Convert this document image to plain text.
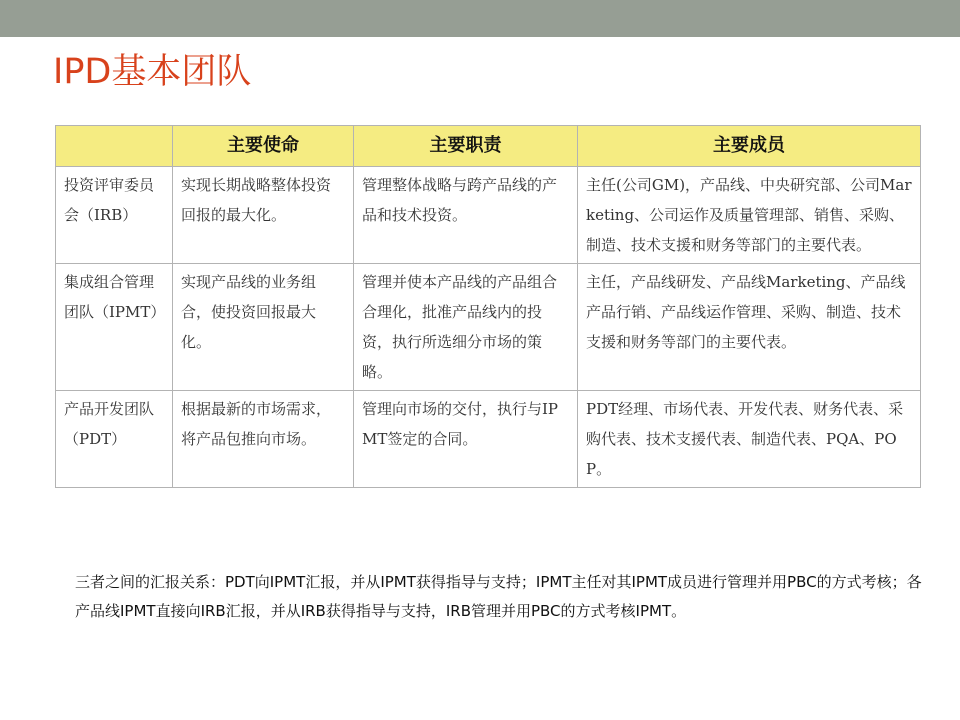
IPD基本团队
	主要使命	主要职责	主要成员
投资评审委员会（IRB）	实现长期战略整体投资回报的最大化。	管理整体战略与跨产品线的产品和技术投资。	主任(公司GM)，产品线、中央研究部、公司Marketing、公司运作及质量管理部、销售、采购、制造、技术支援和财务等部门的主要代表。
集成组合管理团队（IPMT）	实现产品线的业务组合，使投资回报最大化。	管理并使本产品线的产品组合合理化，批准产品线内的投资，执行所选细分市场的策略。	主任，产品线研发、产品线Marketing、产品线产品行销、产品线运作管理、采购、制造、技术支援和财务等部门的主要代表。
产品开发团队 （PDT）	根据最新的市场需求，将产品包推向市场。	管理向市场的交付，执行与IPMT签定的合同。	PDT经理、市场代表、开发代表、财务代表、采购代表、技术支援代表、制造代表、PQA、POP。
三者之间的汇报关系：PDT向IPMT汇报，并从IPMT获得指导与支持；IPMT主任对其IPMT成员进行管理并用PBC的方式考核；各产品线IPMT直接向IRB汇报，并从IRB获得指导与支持，IRB管理并用PBC的方式考核IPMT。
